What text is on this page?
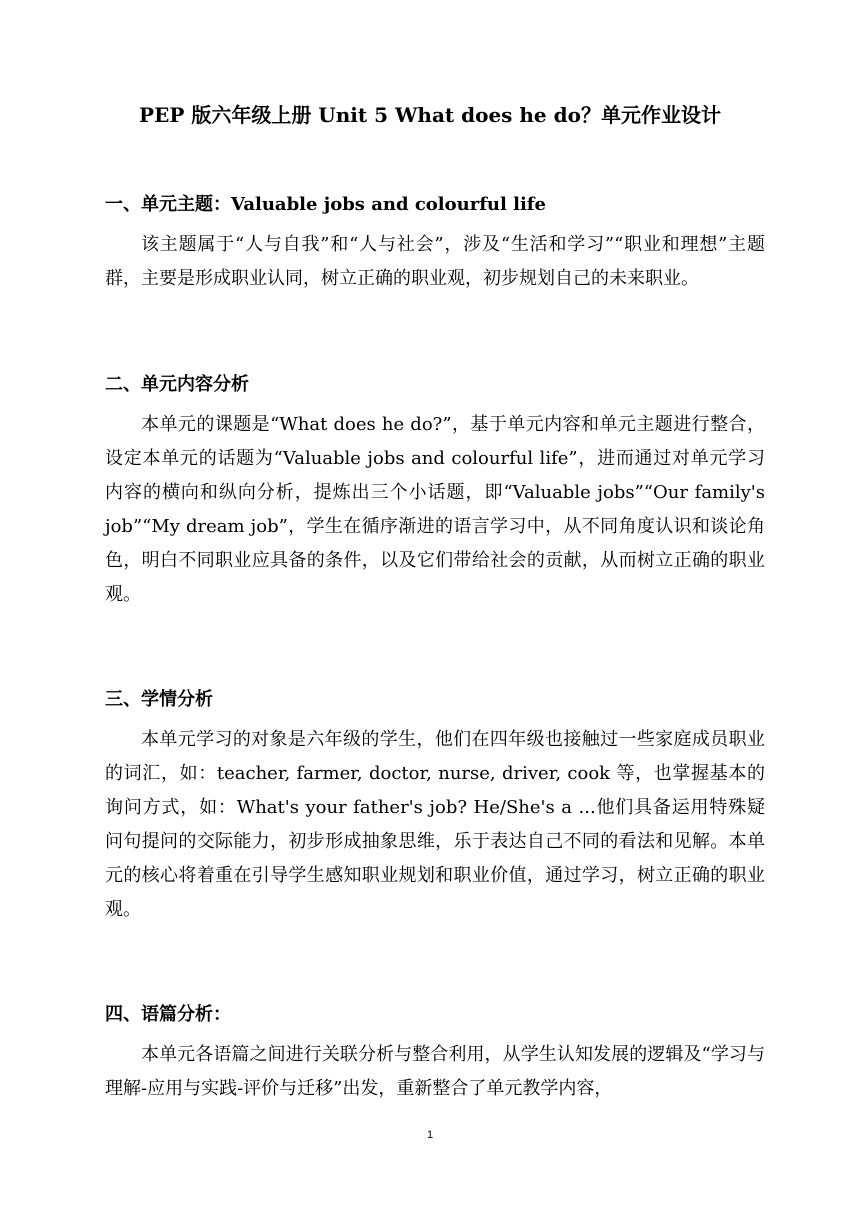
PEP 版六年级上册 Unit 5 What does he do？单元作业设计
一、单元主题：Valuable jobs and colourful life
该主题属于“人与自我”和“人与社会”，涉及“生活和学习”“职业和理想”主题群，主要是形成职业认同，树立正确的职业观，初步规划自己的未来职业。
二、单元内容分析
本单元的课题是“What does he do?”，基于单元内容和单元主题进行整合，设定本单元的话题为“Valuable jobs and colourful life”，进而通过对单元学习内容的横向和纵向分析，提炼出三个小话题，即“Valuable jobs”“Our family's job”“My dream job”，学生在循序渐进的语言学习中，从不同角度认识和谈论角色，明白不同职业应具备的条件，以及它们带给社会的贡献，从而树立正确的职业观。
三、学情分析
本单元学习的对象是六年级的学生，他们在四年级也接触过一些家庭成员职业的词汇，如：teacher, farmer, doctor, nurse, driver, cook 等，也掌握基本的询问方式，如：What's your father's job? He/She's a ...他们具备运用特殊疑问句提问的交际能力，初步形成抽象思维，乐于表达自己不同的看法和见解。本单元的核心将着重在引导学生感知职业规划和职业价值，通过学习，树立正确的职业观。
四、语篇分析：
本单元各语篇之间进行关联分析与整合利用，从学生认知发展的逻辑及“学习与理解-应用与实践-评价与迁移”出发，重新整合了单元教学内容，
1
